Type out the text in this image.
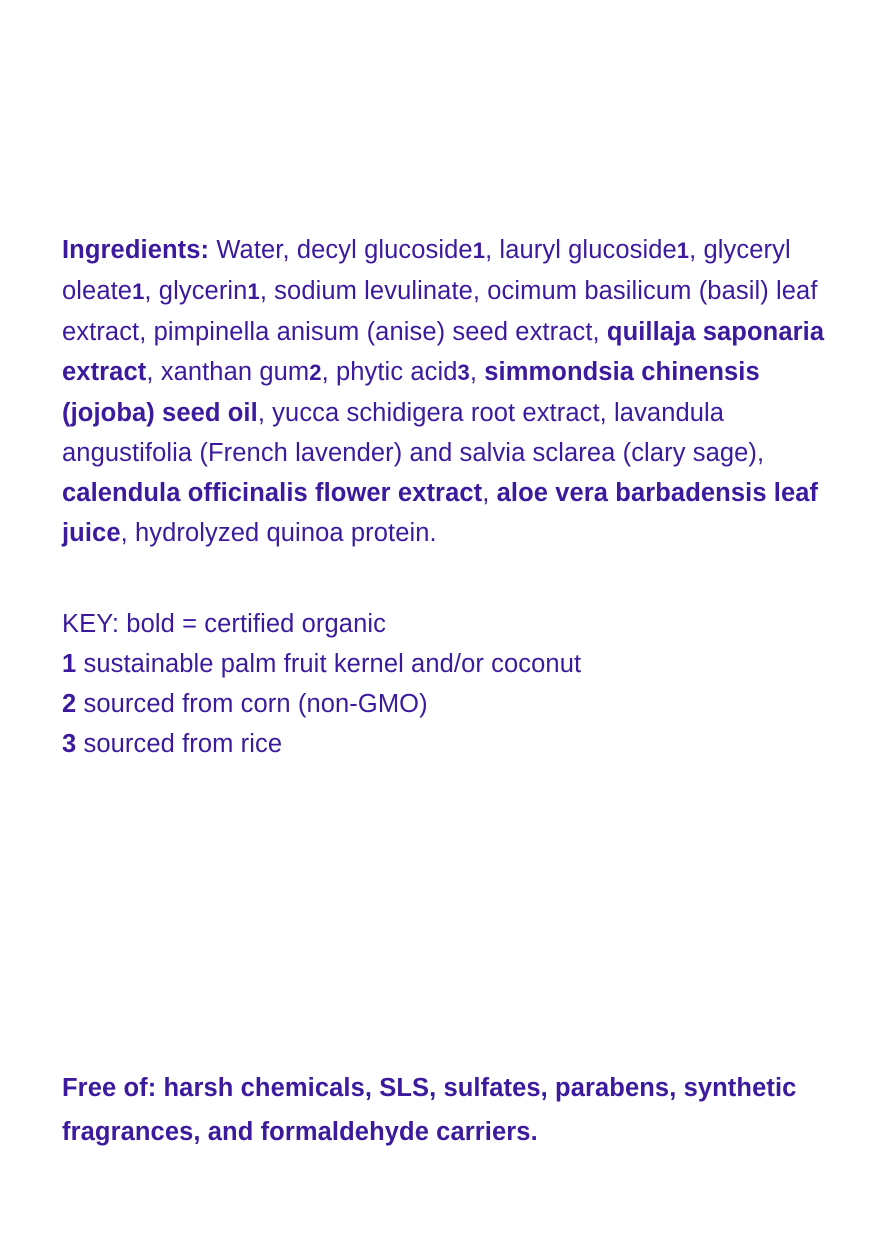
Ingredients: Water, decyl glucoside1, lauryl glucoside1, glyceryl oleate1, glycerin1, sodium levulinate, ocimum basilicum (basil) leaf extract, pimpinella anisum (anise) seed extract, quillaja saponaria extract, xanthan gum2, phytic acid3, simmondsia chinensis (jojoba) seed oil, yucca schidigera root extract, lavandula angustifolia (French lavender) and salvia sclarea (clary sage), calendula officinalis flower extract, aloe vera barbadensis leaf juice, hydrolyzed quinoa protein.

KEY: bold = certified organic
1 sustainable palm fruit kernel and/or coconut
2 sourced from corn (non-GMO)
3 sourced from rice

Free of: harsh chemicals, SLS, sulfates, parabens, synthetic fragrances, and formaldehyde carriers.
